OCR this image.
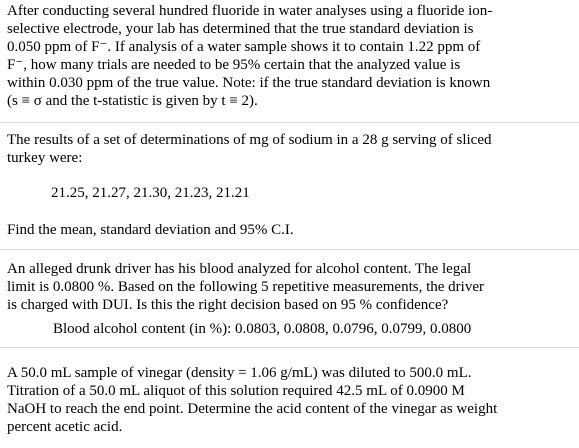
After conducting several hundred fluoride in water analyses using a fluoride ion-
selective electrode, your lab has determined that the true standard deviation is
0.050 ppm of F⁻. If analysis of a water sample shows it to contain 1.22 ppm of
F⁻, how many trials are needed to be 95% certain that the analyzed value is
within 0.030 ppm of the true value. Note: if the true standard deviation is known
(s ≡ σ and the t-statistic is given by t ≡ 2).
The results of a set of determinations of mg of sodium in a 28 g serving of sliced
turkey were:
21.25, 21.27, 21.30, 21.23, 21.21
Find the mean, standard deviation and 95% C.I.
An alleged drunk driver has his blood analyzed for alcohol content. The legal
limit is 0.0800 %. Based on the following 5 repetitive measurements, the driver
is charged with DUI. Is this the right decision based on 95 % confidence?
Blood alcohol content (in %): 0.0803, 0.0808, 0.0796, 0.0799, 0.0800
A 50.0 mL sample of vinegar (density = 1.06 g/mL) was diluted to 500.0 mL.
Titration of a 50.0 mL aliquot of this solution required 42.5 mL of 0.0900 M
NaOH to reach the end point. Determine the acid content of the vinegar as weight
percent acetic acid.
